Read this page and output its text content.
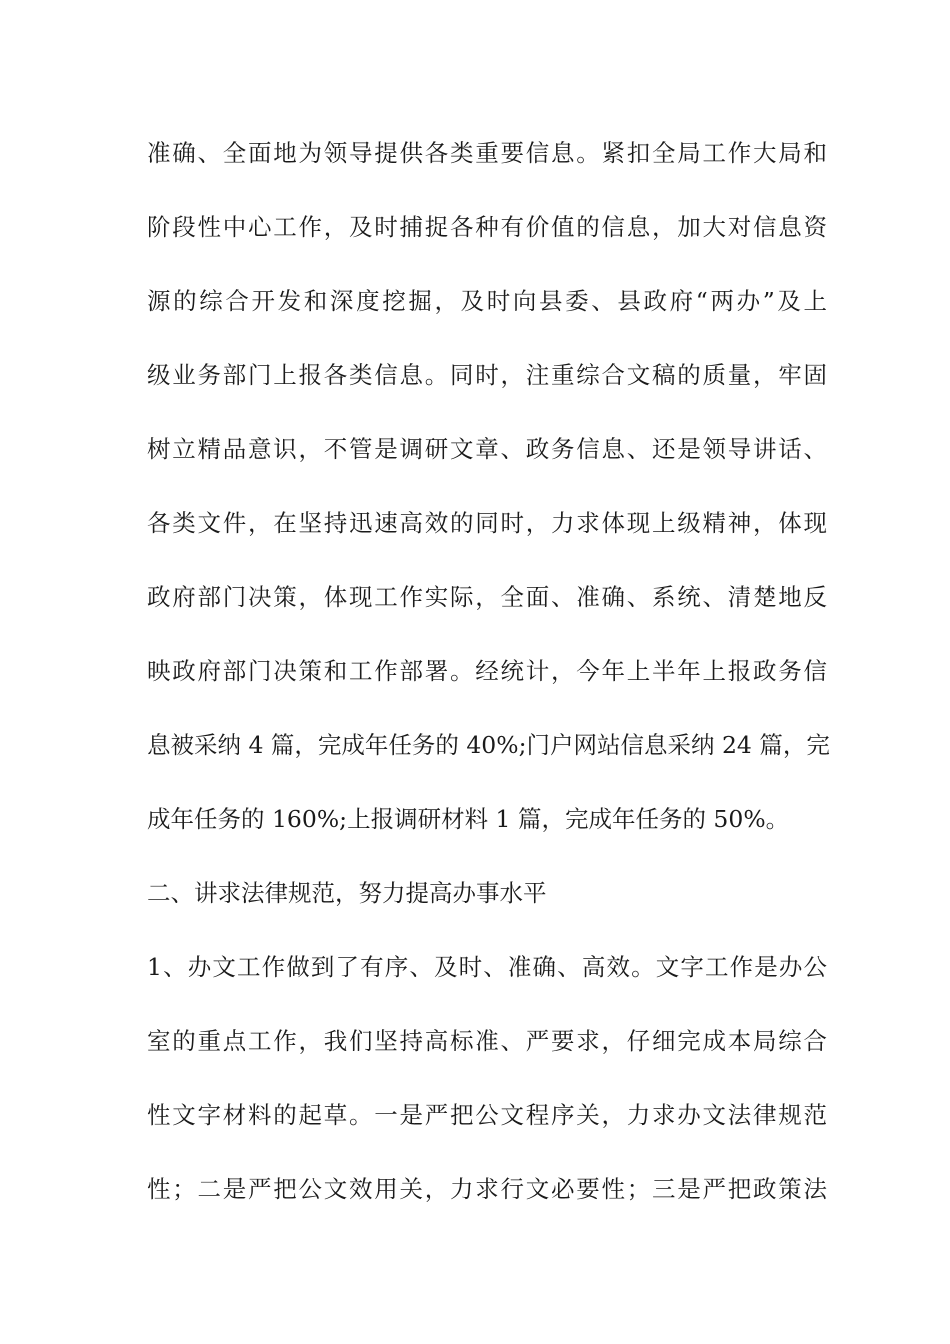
准确、全面地为领导提供各类重要信息。紧扣全局工作大局和

阶段性中心工作，及时捕捉各种有价值的信息，加大对信息资

源的综合开发和深度挖掘，及时向县委、县政府“两办”及上

级业务部门上报各类信息。同时，注重综合文稿的质量，牢固

树立精品意识，不管是调研文章、政务信息、还是领导讲话、

各类文件，在坚持迅速高效的同时，力求体现上级精神，体现

政府部门决策，体现工作实际，全面、准确、系统、清楚地反

映政府部门决策和工作部署。经统计，今年上半年上报政务信

息被采纳 4 篇，完成年任务的 40%;门户网站信息采纳 24 篇，完

成年任务的 160%;上报调研材料 1 篇，完成年任务的 50%。

二、讲求法律规范，努力提高办事水平

1、办文工作做到了有序、及时、准确、高效。文字工作是办公

室的重点工作，我们坚持高标准、严要求，仔细完成本局综合

性文字材料的起草。一是严把公文程序关，力求办文法律规范

性；二是严把公文效用关，力求行文必要性；三是严把政策法
